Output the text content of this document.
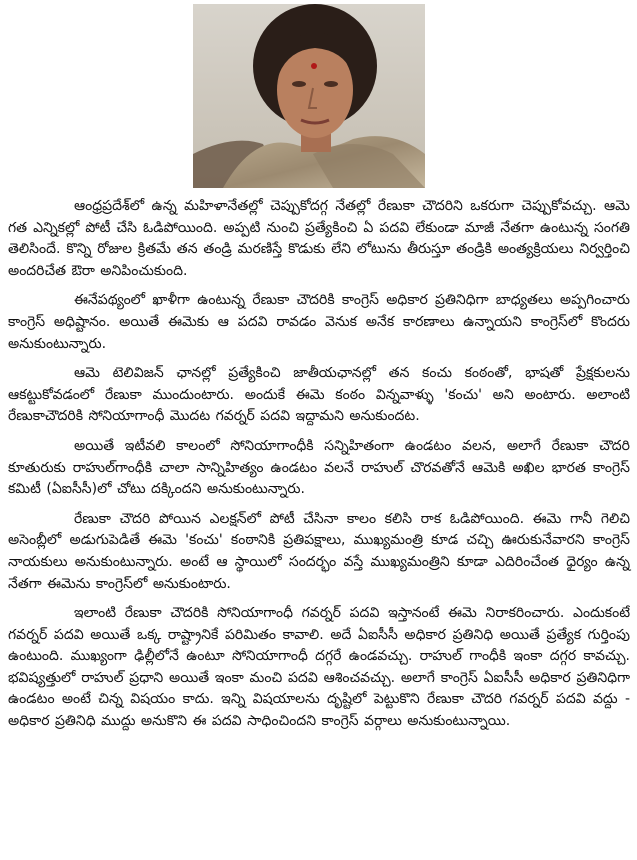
ఆంధ్రప్రదేశ్‌లో ఉన్న మహిళానేతల్లో చెప్పుకోదగ్గ నేతల్లో రేణుకా చౌదరిని ఒకరుగా చెప్పుకోవచ్చు. ఆమె గత ఎన్నికల్లో పోటీ చేసి ఓడిపోయింది. అప్పటి నుంచి ప్రత్యేకించి ఏ పదవి లేకుండా మాజీ నేతగా ఉంటున్న సంగతి తెలిసిందే. కొన్ని రోజుల క్రితమే తన తండ్రి మరణిస్తే కొడుకు లేని లోటును తీరుస్తూ తండ్రికి అంత్యక్రియలు నిర్వర్తించి అందరిచేత ఔరా అనిపించుకుంది.

ఈనేపథ్యంలో ఖాళీగా ఉంటున్న రేణుకా చౌదరికి కాంగ్రెస్ అధికార ప్రతినిధిగా బాధ్యతలు అప్పగించారు కాంగ్రెస్ అధిష్టానం. అయితే ఈమెకు ఆ పదవి రావడం వెనుక అనేక కారణాలు ఉన్నాయని కాంగ్రెస్‌లో కొందరు అనుకుంటున్నారు.

ఆమె టెలివిజన్ ఛానల్లో ప్రత్యేకించి జాతీయఛానల్లో తన కంచు కంఠంతో, భాషతో ప్రేక్షకులను ఆకట్టుకోవడంలో రేణుకా ముందుంటారు. అందుకే ఈమె కంఠం విన్నవాళ్ళు 'కంచు' అని అంటారు. అలాంటి రేణుకాచౌదరికి సోనియాగాంధీ మొదట గవర్నర్ పదవి ఇద్దామని అనుకుందట.

అయితే ఇటీవలి కాలంలో సోనియాగాంధీకి సన్నిహితంగా ఉండటం వలన, అలాగే రేణుకా చౌదరి కూతురుకు రాహుల్‌గాంధీకి చాలా సాన్నిహిత్యం ఉండటం వలనే రాహుల్ చొరవతోనే ఆమెకి అఖిల భారత కాంగ్రెస్ కమిటీ (ఏఐసీసీ)లో చోటు దక్కిందని అనుకుంటున్నారు.

రేణుకా చౌదరి పోయిన ఎలక్షన్‌లో పోటీ చేసినా కాలం కలిసి రాక ఓడిపోయింది. ఈమె గానీ గెలిచి అసెంబ్లీలో అడుగుపెడితే ఈమె 'కంచు' కంఠానికి ప్రతిపక్షాలు, ముఖ్యమంత్రి కూడ చచ్చి ఊరుకునేవారని కాంగ్రెస్ నాయకులు అనుకుంటున్నారు. అంటే ఆ స్థాయిలో సందర్భం వస్తే ముఖ్యమంత్రిని కూడా ఎదిరించేంత ధైర్యం ఉన్న నేతగా ఈమెను కాంగ్రెస్‌లో అనుకుంటారు.

ఇలాంటి రేణుకా చౌదరికి సోనియాగాంధీ గవర్నర్ పదవి ఇస్తానంటే ఈమె నిరాకరించారు. ఎందుకంటే గవర్నర్ పదవి అయితే ఒక్క రాష్ట్రానికే పరిమితం కావాలి. అదే ఏఐసీసీ అధికార ప్రతినిధి అయితే ప్రత్యేక గుర్తింపు ఉంటుంది. ముఖ్యంగా ఢిల్లీలోనే ఉంటూ సోనియాగాంధీ దగ్గరే ఉండవచ్చు. రాహుల్ గాంధీకి ఇంకా దగ్గర కావచ్చు. భవిష్యత్తులో రాహుల్ ప్రధాని అయితే ఇంకా మంచి పదవి ఆశించవచ్చు. అలాగే కాంగ్రెస్ ఏఐసీసీ అధికార ప్రతినిధిగా ఉండటం అంటే చిన్న విషయం కాదు. ఇన్ని విషయాలను దృష్టిలో పెట్టుకొని రేణుకా చౌదరి గవర్నర్ పదవి వద్దు - అధికార ప్రతినిధి ముద్దు అనుకొని ఈ పదవి సాధించిందని కాంగ్రెస్ వర్గాలు అనుకుంటున్నాయి.
